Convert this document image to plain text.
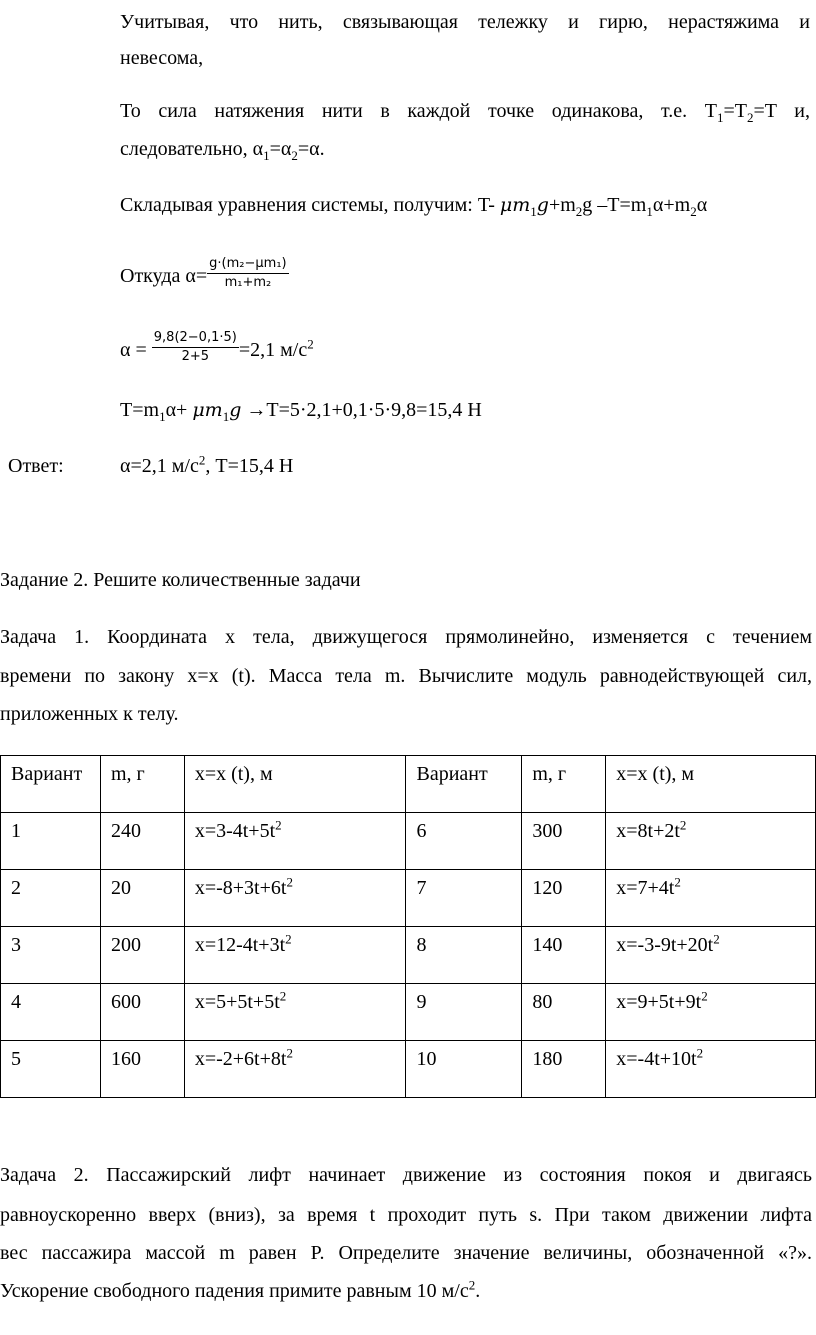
Учитывая, что нить, связывающая тележку и гирю, нерастяжима и
невесома,
То сила натяжения нити в каждой точке одинакова, т.е. $T_1=T_2=T$ и,
следовательно, $\alpha_1=\alpha_2=\alpha$.
Складывая уравнения системы, получим: T- $\mu m_1g+m_2g$ $-T=m_1\alpha+m_2\alpha$
Откуда $\alpha= \frac{\text{g·(m₂−μm₁)}}{\text{m₁+m₂}}$
$\alpha = \frac{9,8(2-0,1\cdot 5)}{2+5} =2,1$ $м/с^2$
$T=m_1\alpha+ \mu m_1g \to T=5\cdot 2,1+0,1\cdot 5\cdot 9,8=15,4$ Н
Ответ:	α=2,1 $м/с^2$, T=15,4 Н
Задание 2. Решите количественные задачи
Задача 1. Координата x тела, движущегося прямолинейно, изменяется с течением
времени по закону x=x (t). Масса тела m. Вычислите модуль равнодействующей сил,
приложенных к телу.
Вариант	m, г	x=x (t), м	Вариант	m, г	x=x (t), м
1	240	$x=3-4t+5t^2$	6	300	$x=8t+2t^2$
2	20	$x=-8+3t+6t^2$	7	120	$x=7+4t^2$
3	200	$x=12-4t+3t^2$	8	140	$x=-3-9t+20t^2$
4	600	$x=5+5t+5t^2$	9	80	$x=9+5t+9t^2$
5	160	$x=-2+6t+8t^2$	10	180	$x=-4t+10t^2$
Задача 2. Пассажирский лифт начинает движение из состояния покоя и двигаясь
равноускоренно вверх (вниз), за время t проходит путь s. При таком движении лифта
вес пассажира массой m равен P. Определите значение величины, обозначенной «?».
Ускорение свободного падения примите равным 10 $м/с^2$.
